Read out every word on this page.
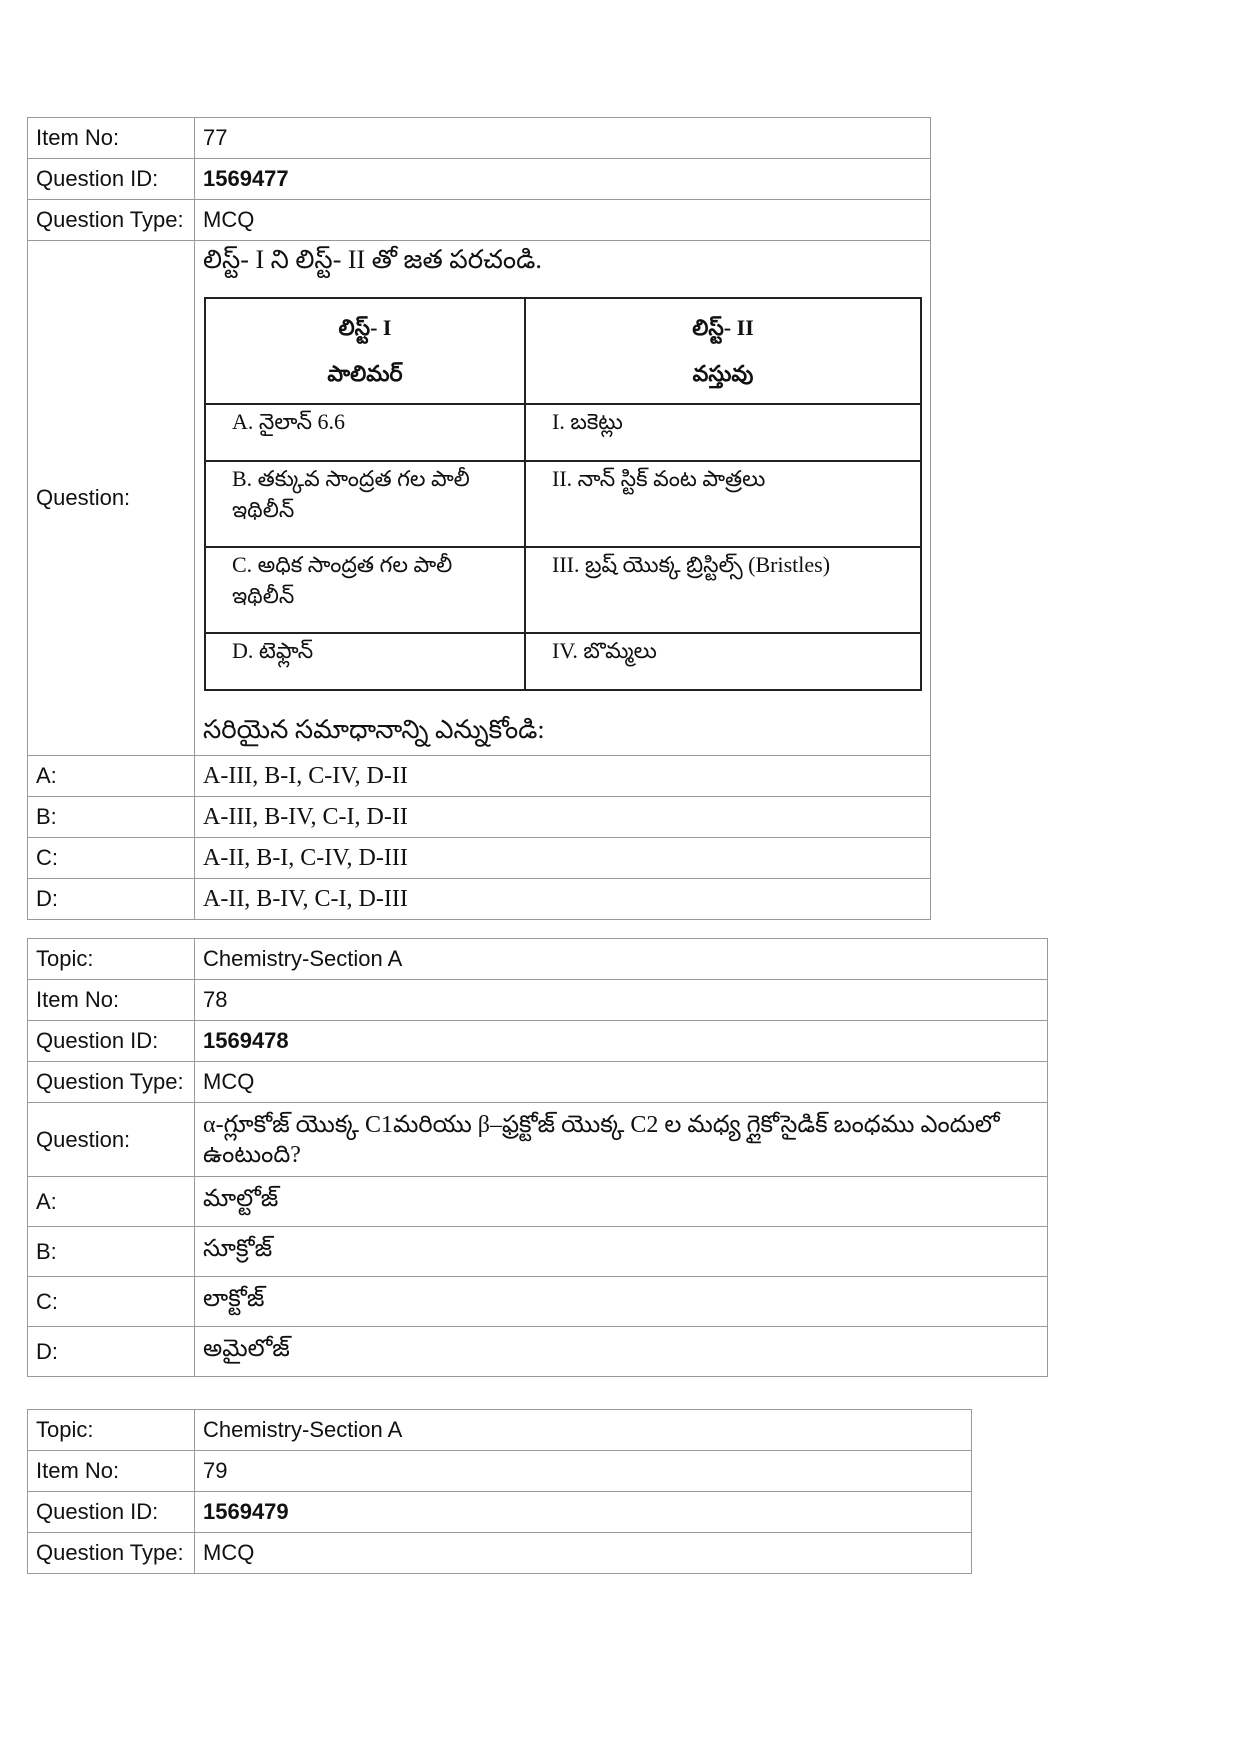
Item No:	77
Question ID:	1569477
Question Type:	MCQ
Question:	
లిస్ట్- I ని లిస్ట్- II తో జత పరచండి.
లిస్ట్- I
పాలిమర్

లిస్ట్- II
వస్తువు

A. నైలాన్ 6.6	I. బకెట్లు
B. తక్కువ సాంద్రత గల పాలీ ఇథిలీన్	II. నాన్ స్టిక్ వంట పాత్రలు
C. అధిక సాంద్రత గల పాలీ ఇథిలీన్	III. బ్రష్ యొక్క బ్రిస్టిల్స్ (Bristles)
D. టెఫ్లాన్	IV. బొమ్మలు
సరియైన సమాధానాన్ని ఎన్నుకోండి:

A:	A-III, B-I, C-IV, D-II
B:	A-III, B-IV, C-I, D-II
C:	A-II, B-I, C-IV, D-III
D:	A-II, B-IV, C-I, D-III
Topic:	Chemistry-Section A
Item No:	78
Question ID:	1569478
Question Type:	MCQ
Question:	α-గ్లూకోజ్ యొక్క C1మరియు β–ఫ్రక్టోజ్ యొక్క C2 ల మధ్య గ్లైకోసైడిక్ బంధము ఎందులో ఉంటుంది?
A:	మాల్టోజ్
B:	సూక్రోజ్
C:	లాక్టోజ్
D:	అమైలోజ్
Topic:	Chemistry-Section A
Item No:	79
Question ID:	1569479
Question Type:	MCQ
